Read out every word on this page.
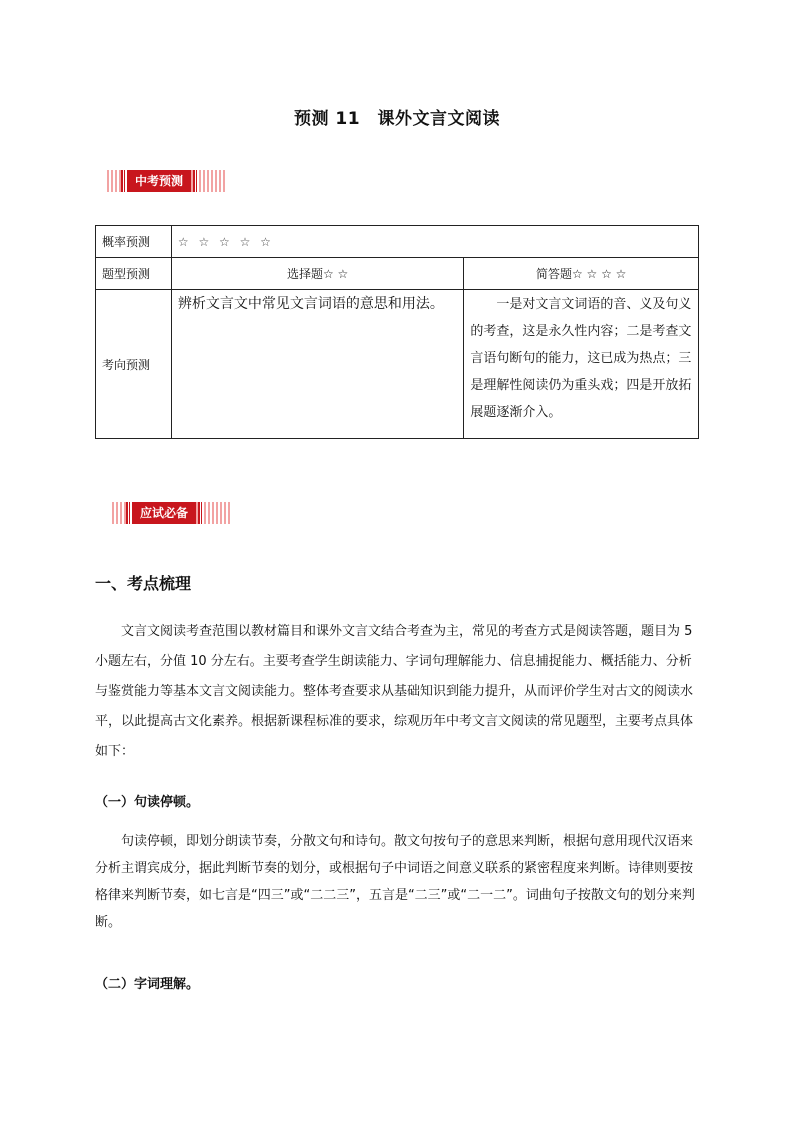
预测 11　课外文言文阅读
中考预测
概率预测	☆ ☆ ☆ ☆ ☆	
题型预测	选择题☆ ☆	简答题☆ ☆ ☆ ☆
考向预测	辨析文言文中常见文言词语的意思和用法。	一是对文言文词语的音、义及句义的考查，这是永久性内容；二是考查文言语句断句的能力，这已成为热点；三是理解性阅读仍为重头戏；四是开放拓展题逐渐介入。
应试必备
一、考点梳理
文言文阅读考查范围以教材篇目和课外文言文结合考查为主，常见的考查方式是阅读答题，题目为 5 小题左右，分值 10 分左右。主要考查学生朗读能力、字词句理解能力、信息捕捉能力、概括能力、分析与鉴赏能力等基本文言文阅读能力。整体考查要求从基础知识到能力提升，从而评价学生对古文的阅读水平，以此提高古文化素养。根据新课程标准的要求，综观历年中考文言文阅读的常见题型，主要考点具体如下：
（一）句读停顿。
句读停顿，即划分朗读节奏，分散文句和诗句。散文句按句子的意思来判断，根据句意用现代汉语来分析主谓宾成分，据此判断节奏的划分，或根据句子中词语之间意义联系的紧密程度来判断。诗律则要按格律来判断节奏，如七言是“四三”或“二二三”，五言是“二三”或“二一二”。词曲句子按散文句的划分来判断。
（二）字词理解。
